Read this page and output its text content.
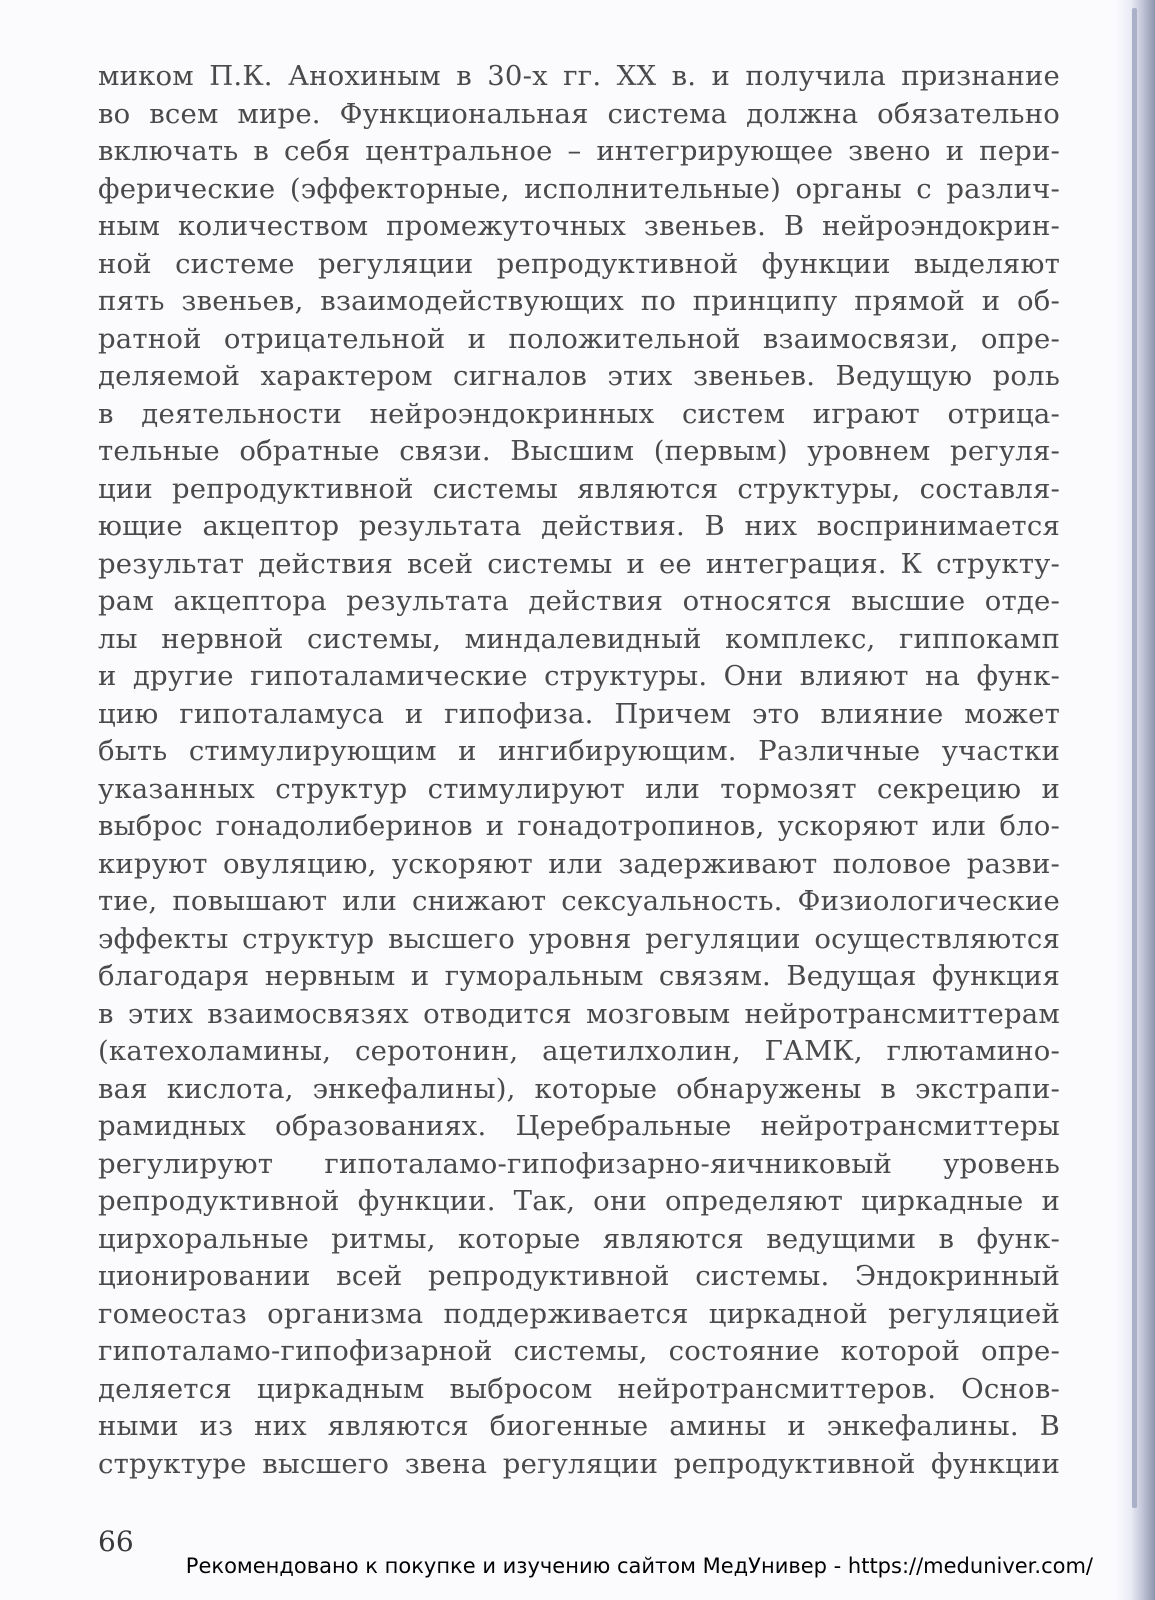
миком П.К. Анохиным в 30-х гг. XX в. и получила признание
во всем мире. Функциональная система должна обязательно
включать в себя центральное – интегрирующее звено и пери-
ферические (эффекторные, исполнительные) органы с различ-
ным количеством промежуточных звеньев. В нейроэндокрин-
ной системе регуляции репродуктивной функции выделяют
пять звеньев, взаимодействующих по принципу прямой и об-
ратной отрицательной и положительной взаимосвязи, опре-
деляемой характером сигналов этих звеньев. Ведущую роль
в деятельности нейроэндокринных систем играют отрица-
тельные обратные связи. Высшим (первым) уровнем регуля-
ции репродуктивной системы являются структуры, составля-
ющие акцептор результата действия. В них воспринимается
результат действия всей системы и ее интеграция. К структу-
рам акцептора результата действия относятся высшие отде-
лы нервной системы, миндалевидный комплекс, гиппокамп
и другие гипоталамические структуры. Они влияют на функ-
цию гипоталамуса и гипофиза. Причем это влияние может
быть стимулирующим и ингибирующим. Различные участки
указанных структур стимулируют или тормозят секрецию и
выброс гонадолиберинов и гонадотропинов, ускоряют или бло-
кируют овуляцию, ускоряют или задерживают половое разви-
тие, повышают или снижают сексуальность. Физиологические
эффекты структур высшего уровня регуляции осуществляются
благодаря нервным и гуморальным связям. Ведущая функция
в этих взаимосвязях отводится мозговым нейротрансмиттерам
(катехоламины, серотонин, ацетилхолин, ГАМК, глютамино-
вая кислота, энкефалины), которые обнаружены в экстрапи-
рамидных образованиях. Церебральные нейротрансмиттеры
регулируют гипоталамо-гипофизарно-яичниковый уровень
репродуктивной функции. Так, они определяют циркадные и
цирхоральные ритмы, которые являются ведущими в функ-
ционировании всей репродуктивной системы. Эндокринный
гомеостаз организма поддерживается циркадной регуляцией
гипоталамо-гипофизарной системы, состояние которой опре-
деляется циркадным выбросом нейротрансмиттеров. Основ-
ными из них являются биогенные амины и энкефалины. В
структуре высшего звена регуляции репродуктивной функции
66
Рекомендовано к покупке и изучению сайтом МедУнивер - https://meduniver.com/
